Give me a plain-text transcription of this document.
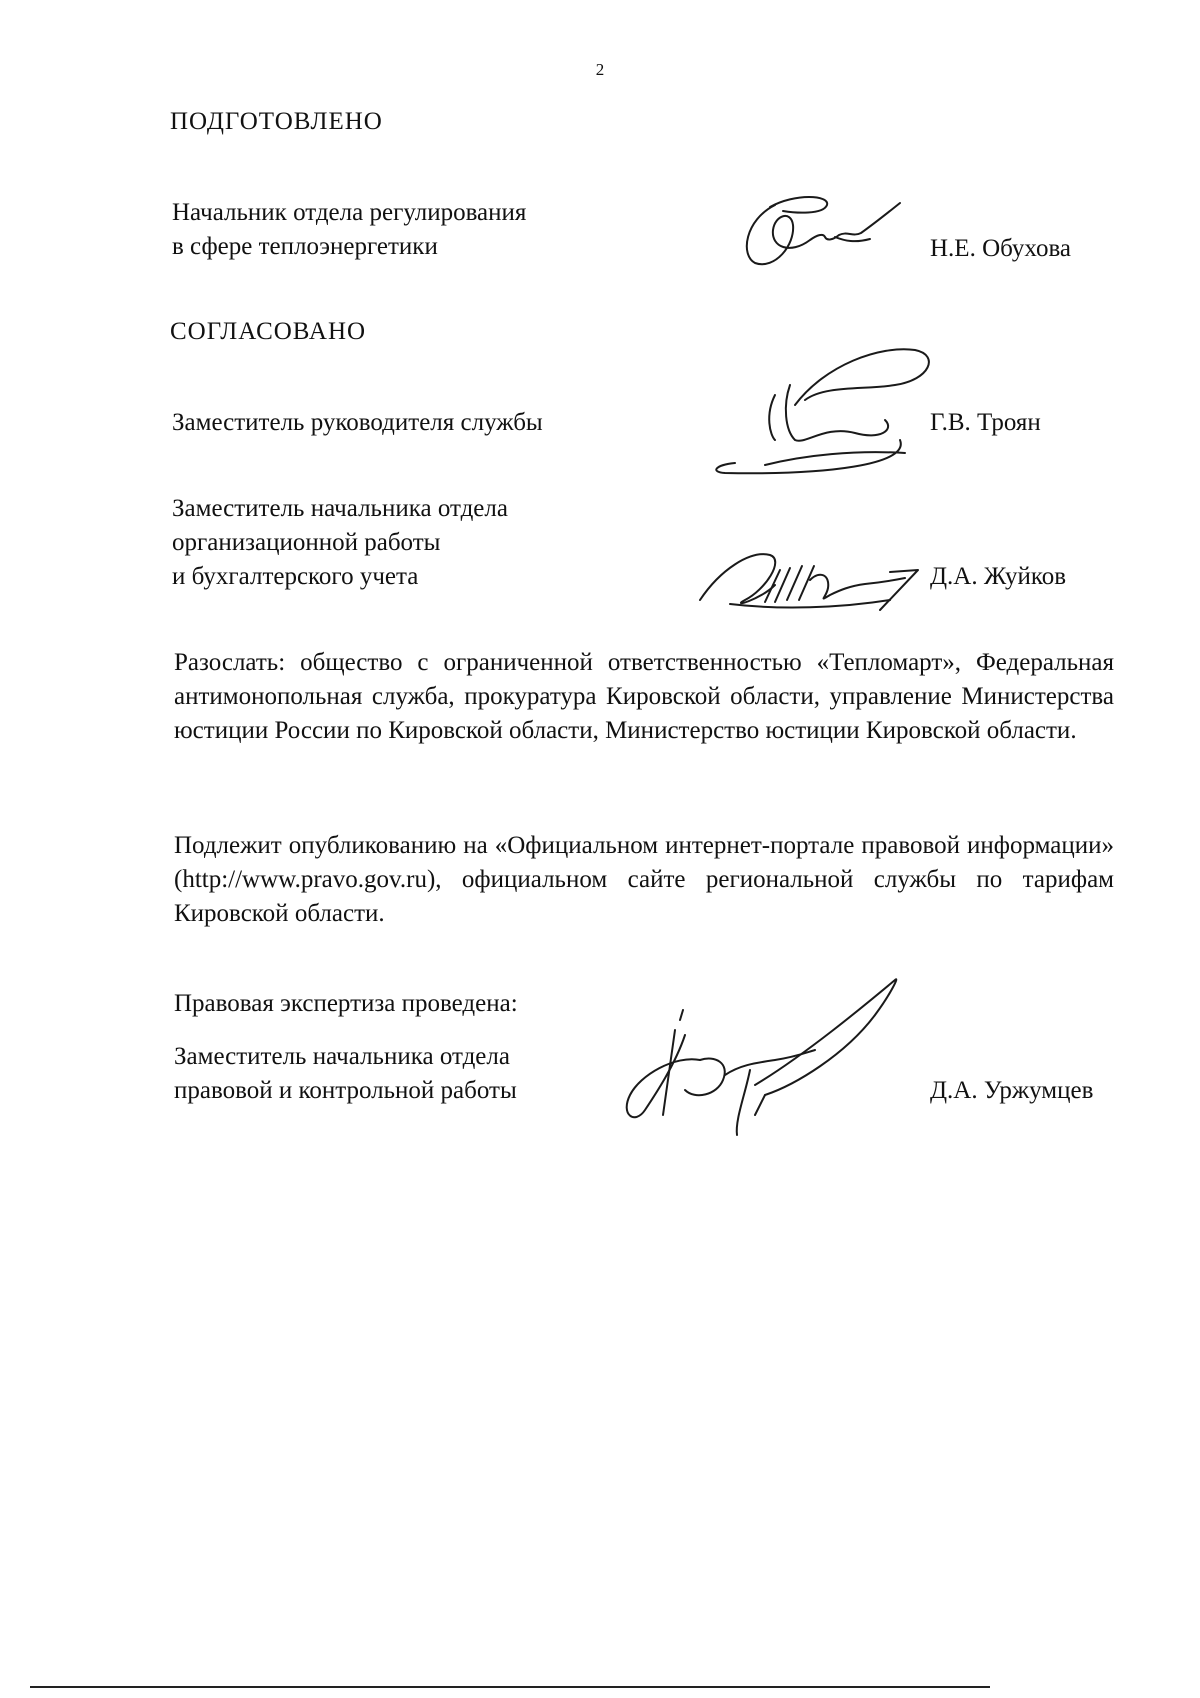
2
ПОДГОТОВЛЕНО
Начальник отдела регулирования
в сфере теплоэнергетики	Н.Е. Обухова
СОГЛАСОВАНО
Заместитель руководителя службы	Г.В. Троян
Заместитель начальника отдела
организационной работы
и бухгалтерского учета	Д.А. Жуйков
Разослать: общество с ограниченной ответственностью «Тепломарт», Федеральная антимонопольная служба, прокуратура Кировской области, управление Министерства юстиции России по Кировской области, Министерство юстиции Кировской области.
Подлежит опубликованию на «Официальном интернет-портале правовой информации» (http://www.pravo.gov.ru), официальном сайте региональной службы по тарифам Кировской области.
Правовая экспертиза проведена:
Заместитель начальника отдела
правовой и контрольной работы	Д.А. Уржумцев
